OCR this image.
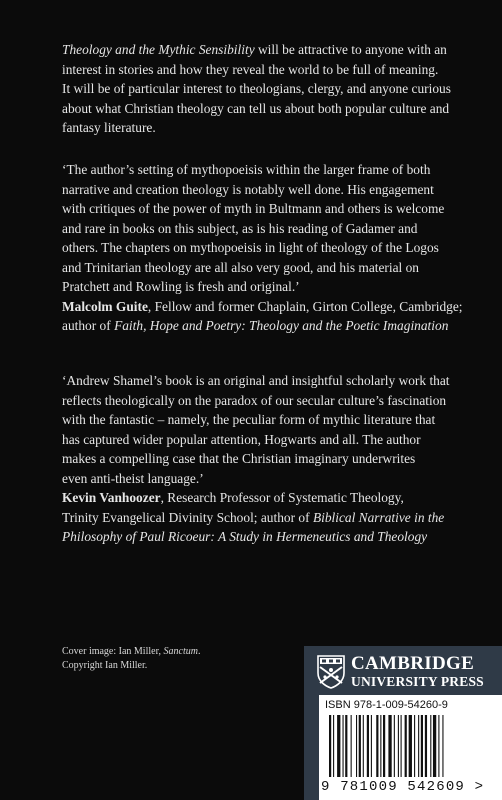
Theology and the Mythic Sensibility will be attractive to anyone with an
interest in stories and how they reveal the world to be full of meaning.
It will be of particular interest to theologians, clergy, and anyone curious
about what Christian theology can tell us about both popular culture and
fantasy literature.
‘The author’s setting of mythopoeisis within the larger frame of both
narrative and creation theology is notably well done. His engagement
with critiques of the power of myth in Bultmann and others is welcome
and rare in books on this subject, as is his reading of Gadamer and
others. The chapters on mythopoeisis in light of theology of the Logos
and Trinitarian theology are all also very good, and his material on
Pratchett and Rowling is fresh and original.’
Malcolm Guite, Fellow and former Chaplain, Girton College, Cambridge;
author of Faith, Hope and Poetry: Theology and the Poetic Imagination
‘Andrew Shamel’s book is an original and insightful scholarly work that
reflects theologically on the paradox of our secular culture’s fascination
with the fantastic – namely, the peculiar form of mythic literature that
has captured wider popular attention, Hogwarts and all. The author
makes a compelling case that the Christian imaginary underwrites
even anti-theist language.’
Kevin Vanhoozer, Research Professor of Systematic Theology,
Trinity Evangelical Divinity School; author of Biblical Narrative in the
Philosophy of Paul Ricoeur: A Study in Hermeneutics and Theology
Cover image: Ian Miller, Sanctum.
Copyright Ian Miller.	CAMBRIDGE
UNIVERSITY PRESS
ISBN 978-1-009-54260-9
9 781009 542609 >
